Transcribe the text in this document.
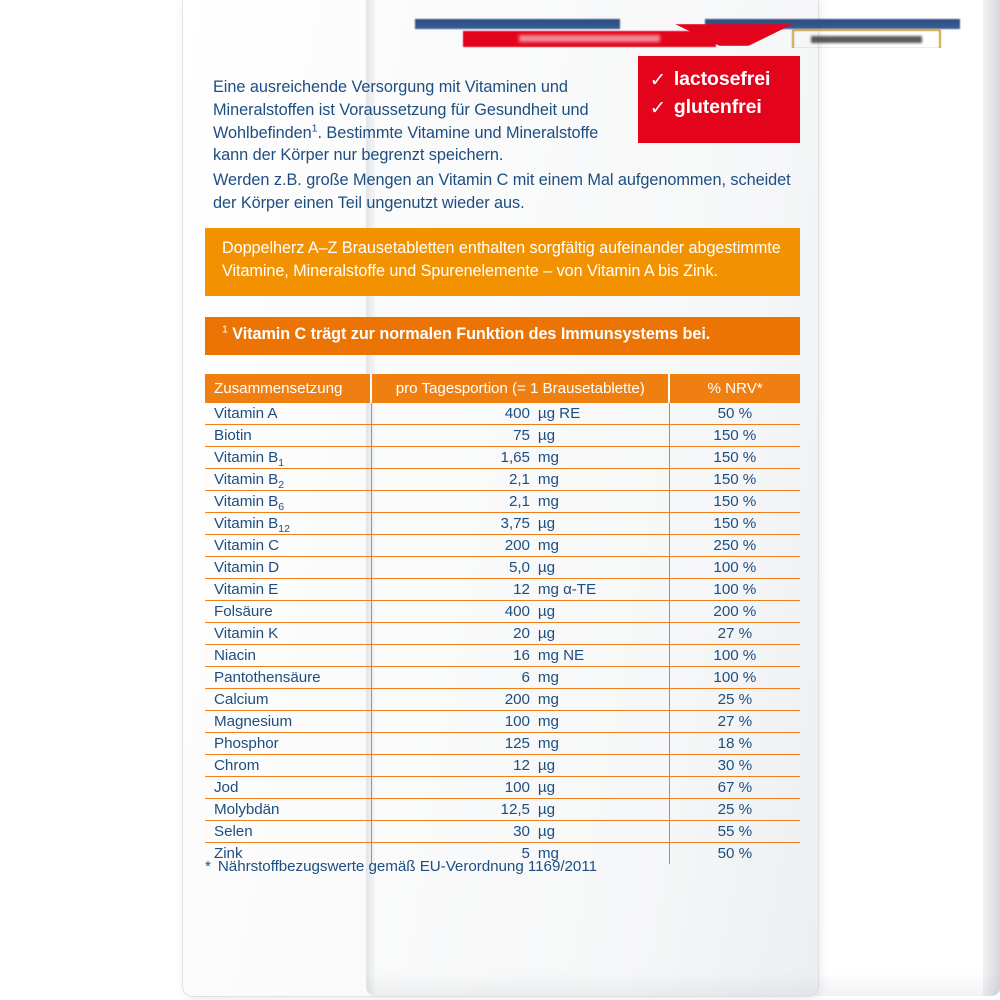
✓ lactosefrei
✓ glutenfrei
Eine ausreichende Versorgung mit Vitaminen und Mineralstoffen ist Voraussetzung für Gesundheit und Wohlbefinden$^1$. Bestimmte Vitamine und Mineralstoffe kann der Körper nur begrenzt speichern.
Werden z.B. große Mengen an Vitamin C mit einem Mal aufgenommen, scheidet der Körper einen Teil ungenutzt wieder aus.
Doppelherz A–Z Brausetabletten enthalten sorgfältig aufeinander abgestimmte Vitamine, Mineralstoffe und Spurenelemente – von Vitamin A bis Zink.
$^1$ Vitamin C trägt zur normalen Funktion des Immunsystems bei.
Zusammensetzung	pro Tagesportion (= 1 Brausetablette)	% NRV*
Vitamin A	400 µg RE	50 %
Biotin	75 µg	150 %
Vitamin $B_1$	1,65 mg	150 %
Vitamin $B_2$	2,1 mg	150 %
Vitamin $B_6$	2,1 mg	150 %
Vitamin $B_{12}$	3,75 µg	150 %
Vitamin C	200 mg	250 %
Vitamin D	5,0 µg	100 %
Vitamin E	12 mg α-TE	100 %
Folsäure	400 µg	200 %
Vitamin K	20 µg	27 %
Niacin	16 mg NE	100 %
Pantothensäure	6 mg	100 %
Calcium	200 mg	25 %
Magnesium	100 mg	27 %
Phosphor	125 mg	18 %
Chrom	12 µg	30 %
Jod	100 µg	67 %
Molybdän	12,5 µg	25 %
Selen	30 µg	55 %
Zink	5 mg	50 %
* Nährstoffbezugswerte gemäß EU-Verordnung 1169/2011
